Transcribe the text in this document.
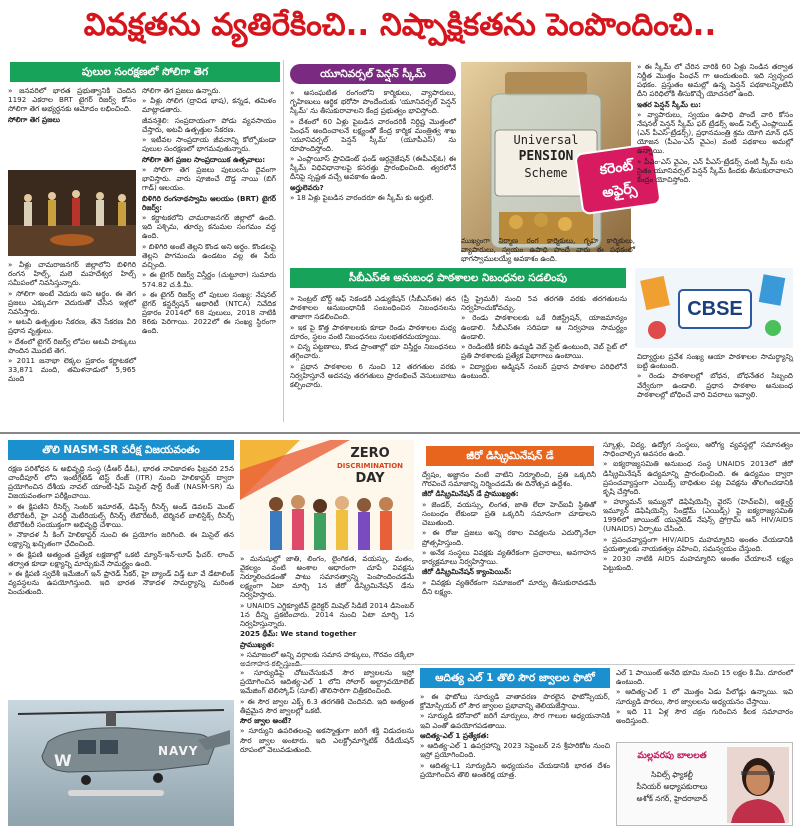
వివక్షతను వ్యతిరేకించి.. నిష్పాక్షికతను పెంపొందించి..
పులుల సంరక్షణలో సోలిగా తెగ

» జనవరిలో భారత ప్రభుత్వానికి చెందిన 1192 ఎకరాల BRT టైగర్ రిజర్వ్ కోసం సోలిగా తెగ అభ్యర్థనకు ఆమోదం లభించింది.

సోలిగా తెగ ప్రజలు

» వీళ్లు చామరాజనగర్ జిల్లాలోని బిళిగిరి రంగన హిల్స్, మలె మహదేశ్వర హిల్స్ సమీపంలో నివసిస్తున్నారు.

» సోలిగా అంటే వెదురు అని అర్థం. ఈ తెగ ప్రజలు ఎక్కువగా వెదురుతో చేసిన ఇళ్లలో నివసిస్తారు.

» అటవీ ఉత్పత్తుల సేకరణ, తేనె సేకరణ వీరి ప్రధాన వృత్తులు.

» దేశంలో టైగర్ రిజర్వ్ లోపల అటవీ హక్కులు పొందిన మొదటి తెగ.

» 2011 జనాభా లెక్కల ప్రకారం కర్ణాటకలో 33,871 మంది, తమిళనాడులో 5,965 మంది

సోలిగా తెగ ప్రజలు ఉన్నారు.

» వీళ్లు సోలిగ (ద్రావిడ భాష), కన్నడ, తమిళం మాట్లాడతారు.

జీవనశైలి: సంప్రదాయంగా పోడు వ్యవసాయం చేస్తారు, అటవీ ఉత్పత్తుల సేకరణ.

» ఇటీవల సాంప్రదాయ జీవనాన్ని కోల్పోకుండా పులుల సంరక్షణలో భాగమవుతున్నారు.

సోలిగా తెగ ప్రజల సాంప్రదాయిక ఉత్సవాలు:

» సోలిగా తెగ ప్రజలు పులులను దైవంగా భావిస్తారు. వారు పూజించే దొడ్డ నాయి (బిగ్ గాడ్) ఆలయం.

బిళిగిరి రంగనాథస్వామి ఆలయం (BRT) టైగర్ రిజర్వ్:

» కర్ణాటకలోని చామరాజనగర్ జిల్లాలో ఉంది. ఇది పశ్చిమ, తూర్పు కనుమల సంగమం వద్ద ఉంది.

» బిళిగిరి అంటే తెల్లని కొండ అని అర్థం. కొండలపై తెల్లని పొగమంచు ఉండటం వల్ల ఈ పేరు వచ్చింది.

» ఈ టైగర్ రిజర్వ్ విస్తీర్ణం (చుట్టూరా) సుమారు 574.82 చ.కి.మీ.

» ఈ టైగర్ రిజర్వ్ లో పులుల సంఖ్య: నేషనల్ టైగర్ కన్జర్వేషన్ అథారిటీ (NTCA) నివేదిక ప్రకారం 2014లో 68 పులులు, 2018 నాటికి 86కు పెరిగాయి. 2022లో ఈ సంఖ్య స్థిరంగా ఉంది.

యూనివర్సల్ పెన్షన్ స్కీమ్

» అసంఘటిత రంగంలోని కార్మికులు, వ్యాపారులు, గృహిణులు ఆర్థిక భరోసా పొందేందుకు 'యూనివర్సల్ పెన్షన్ స్కీమ్' ను తీసుకురావాలని కేంద్ర ప్రభుత్వం భావిస్తోంది.

» దేశంలో 60 ఏళ్లు పైబడిన వారందరికీ నిర్దిష్ట మొత్తంలో పింఛన్ అందించాలనే లక్ష్యంతో కేంద్ర కార్మిక మంత్రిత్వ శాఖ 'యూనివర్సల్ పెన్షన్ స్కీమ్' (యూపీఎస్) ను రూపొందిస్తోంది.

» ఎంప్లాయీస్ ప్రావిడెంట్ ఫండ్ ఆర్గనైజేషన్ (ఈపీఎఫ్ఓ) ఈ స్కీమ్ విధివిధానాలపై కసరత్తు ప్రారంభించింది. త్వరలోనే దీనిపై స్పష్టత వచ్చే అవకాశం ఉంది.

అర్హులెవరు?

» 18 ఏళ్లు పైబడిన వారందరూ ఈ స్కీమ్ కు అర్హులే.

Universal
PENSION
Scheme	కరెంట్
అఫైర్స్

» ఈ స్కీమ్ లో చేరిన వారికి 60 ఏళ్లు నిండిన తర్వాత నిర్ణీత మొత్తం పింఛన్ గా అందుతుంది. ఇది స్వచ్ఛంద పథకం. ప్రస్తుతం అమల్లో ఉన్న పెన్షన్ పథకాలన్నింటినీ దీని పరిధిలోకి తీసుకొచ్చే యోచనలో ఉంది.

ఇతర పెన్షన్ స్కీమ్ లు:

» వ్యాపారులు, స్వయం ఉపాధి పొందే వారి కోసం నేషనల్ పెన్షన్ స్కీమ్ ఫర్ ట్రేడర్స్ అండ్ సెల్ఫ్ ఎంప్లాయిడ్ (ఎన్ పీఎస్-ట్రేడర్స్), ప్రధానమంత్రి శ్రమ యోగి మాన్ ధన్ యోజన (పీఎం-ఎస్ వైఎం) వంటి పథకాలు అమల్లో ఉన్నాయి.

» పీఎం-ఎస్ వైఎం, ఎన్ పీఎస్-ట్రేడర్స్ వంటి స్కీమ్ లను సైతం యూనివర్సల్ పెన్షన్ స్కీమ్ కిందకు తీసుకురావాలని కేంద్రం యోచిస్తోంది.

ముఖ్యంగా నిర్మాణ రంగ కార్మికులు, గృహ కార్మికులు, వ్యాపారులు, స్వయం ఉపాధి పొందే వారు ఈ పథకంలో భాగస్వాములయ్యే అవకాశం ఉంది.

సీబీఎస్ఈ అనుబంధ పాఠశాలల నిబంధనల సడలింపు

» సెంట్రల్ బోర్డ్ ఆఫ్ సెకండరీ ఎడ్యుకేషన్ (సీబీఎస్ఈ) తన పాఠశాలల అనుబంధానికి సంబంధించిన నిబంధనలను తాజాగా సడలించింది.

» ఇక పై కొత్త పాఠశాలలకు కూడా రెండు పాఠశాలల మధ్య దూరం, స్థలం వంటి నిబంధనలు సులభతరమయ్యాయి.

» చిన్న పట్టణాలు, కొండ ప్రాంతాల్లో భూ విస్తీర్ణం నిబంధనలు తగ్గించారు.

» ప్రధాన పాఠశాలల 6 నుంచి 12 తరగతుల వరకు నిర్వహిస్తూనే అదనపు తరగతులు ప్రారంభించే వెసులుబాటు కల్పించారు.

(ప్రీ ప్రైమరీ) నుంచి 5వ తరగతి వరకు తరగతులను నిర్వహించుకోవచ్చు.

» రెండు పాఠశాలలకు ఒకే రిజిస్ట్రేషన్, యాజమాన్యం ఉండాలి. సీబీఎస్ఈ సరిపడా ఆ నిర్వహణ సామర్థ్యం ఉండాలి.

» రెండింటికీ కలిపి ఉమ్మడి వెబ్ సైట్ ఉంటుంది, వెబ్ సైట్ లో ప్రతి పాఠశాలకు ప్రత్యేక విభాగాలు ఉంటాయి.

» విద్యార్థుల అడ్మిషన్ నంబర్ ప్రధాన పాఠశాల పరిధిలోనే ఉంటుంది.

CBSE

విద్యార్థుల ప్రవేశ సంఖ్య ఆయా పాఠశాలల సామర్థ్యాన్ని బట్టి ఉంటుంది.

» రెండు పాఠశాలల్లో బోధన, బోధనేతర సిబ్బంది వేర్వేరుగా ఉండాలి. ప్రధాన పాఠశాల అనుబంధ పాఠశాలల్లో బోధించే వారి వివరాలు ఇవ్వాలి.

తొలి NASM-SR పరీక్ష విజయవంతం

రక్షణ పరిశోధన & అభివృద్ధి సంస్థ (డీఆర్ డీఓ), భారత నావికాదళం ఫిబ్రవరి 25న చాందీపూర్ లోని ఇంటిగ్రేటెడ్ టెస్ట్ రేంజ్ (ITR) నుంచి హెలికాప్టర్ ద్వారా ప్రయోగించిన దేశీయ నావల్ యాంటీ-షిప్ మిసైల్ షార్ట్ రేంజ్ (NASM-SR) ను విజయవంతంగా పరీక్షించాయి.

» ఈ క్షిపణిని రీసెర్చ్ సెంటర్ ఇమారత్, డిఫెన్స్ రీసెర్చ్ అండ్ డెవలప్ మెంట్ లేబొరేటరీ, హై ఎనర్జీ మెటీరియల్స్ రీసెర్చ్ లేబొరేటరీ, టెర్మినల్ బాలిస్టిక్స్ రీసెర్చ్ లేబొరేటరీ సంయుక్తంగా అభివృద్ధి చేశాయి.

» నౌకాదళ సీ కింగ్ హెలికాప్టర్ నుంచి ఈ ప్రయోగం జరిగింది. ఈ మిసైల్ తన లక్ష్యాన్ని ఖచ్చితంగా ఛేదించింది.

» ఈ క్షిపణి అత్యంత ప్రత్యేక లక్షణాల్లో ఒకటి మ్యాన్-ఇన్-లూప్ ఫీచర్. లాంచ్ తర్వాత కూడా లక్ష్యాన్ని మార్చుకునే సామర్థ్యం ఉంది.

» ఈ క్షిపణి స్వదేశీ ఇమేజింగ్ ఇన్ ఫ్రారెడ్ సీకర్, హై బ్యాండ్ విడ్త్ టూ వే డేటాలింక్ వ్యవస్థలను ఉపయోగిస్తుంది. ఇది భారత నౌకాదళ సామర్థ్యాన్ని మరింత పెంచుతుంది.

W	NAVY
ZERO
DISCRIMINATION
DAY

» మనుషుల్లో జాతి, లింగం, లైంగికత, వయస్సు, మతం, వైకల్యం వంటి అంశాల ఆధారంగా చూపే వివక్షను నిర్మూలించడంతో పాటు సమానత్వాన్ని పెంపొందించడమే లక్ష్యంగా ఏటా మార్చి 1న జీరో డిస్క్రిమినేషన్ డేను నిర్వహిస్తారు.

» UNAIDS ఎగ్జిక్యూటివ్ డైరెక్టర్ మిషెల్ సిడిబే 2014 డిసెంబర్ 1న దీన్ని ప్రకటించారు. 2014 నుంచి ఏటా మార్చి 1న నిర్వహిస్తున్నారు.

2025 థీమ్: We stand together

ప్రాముఖ్యత:

» సమాజంలో అన్ని వర్గాలకు సమాన హక్కులు, గౌరవం దక్కేలా

జీరో డిస్క్రిమినేషన్ డే

ద్వేషం, అజ్ఞానం వంటి వాటిని నిర్మూలించి, ప్రతి ఒక్కరినీ గౌరవించే సమాజాన్ని నిర్మించడమే ఈ దినోత్సవ ఉద్దేశం.

జీరో డిస్క్రిమినేషన్ డే ప్రాముఖ్యత:

» జెండర్, వయస్సు, లింగత, జాతి లేదా హెచ్ఐవీ స్థితితో సంబంధం లేకుండా ప్రతి ఒక్కరినీ సమానంగా చూడాలని చెబుతుంది.

» ఈ రోజు ప్రజలు అన్ని రకాల వివక్షలను ఎదుర్కొనేలా ప్రోత్సహిస్తుంది.

» అనేక సంస్థలు వివక్షకు వ్యతిరేకంగా ప్రచారాలు, అవగాహన కార్యక్రమాలు నిర్వహిస్తాయి.

జీరో డిస్క్రిమినేషన్ క్యాంపెయిన్:

» వివక్షకు వ్యతిరేకంగా సమాజంలో మార్పు తీసుకురావడమే దీని లక్ష్యం.

స్కూళ్లు, విద్య, ఉద్యోగ సంస్థలు, ఆరోగ్య వ్యవస్థల్లో సమానత్వం సాధించాల్సిన అవసరం ఉంది.

» ఐక్యరాజ్యసమితి అనుబంధ సంస్థ UNAIDS 2013లో జీరో డిస్క్రిమినేషన్ ఉద్యమాన్ని ప్రారంభించింది. ఈ ఉద్యమం ద్వారా ప్రపంచవ్యాప్తంగా ఎయిడ్స్ బాధితుల పట్ల వివక్షను తొలగించడానికి కృషి చేస్తోంది.

» హ్యూమన్ ఇమ్యునో డెఫిషియెన్సీ వైరస్ (హెచ్ఐవీ), అక్వైర్డ్ ఇమ్యూన్ డెఫిషియెన్సీ సిండ్రోమ్ (ఎయిడ్స్) పై ఐక్యరాజ్యసమితి 1996లో జాయింట్ యునైటెడ్ నేషన్స్ ప్రోగ్రామ్ ఆన్ HIV/AIDS (UNAIDS) ఏర్పాటు చేసింది.

» ప్రపంచవ్యాప్తంగా HIV/AIDS మహమ్మారిని అంతం చేయడానికి ప్రయత్నాలకు నాయకత్వం వహించి, సమన్వయం చేస్తుంది.

» 2030 నాటికి AIDS మహమ్మారిని అంతం చేయాలనే లక్ష్యం పెట్టుకుంది.

» సూర్యుడిపై చోటుచేసుకునే సౌర జ్వాలలను ఇస్రో ప్రయోగించిన ఆదిత్య-ఎల్ 1 లోని సోలార్ అల్ట్రావయోలెట్ ఇమేజింగ్ టెలిస్కోప్ (సూట్) తొలిసారిగా చిత్రీకరించింది.

» ఈ సౌర జ్వాల ఎక్స్ 6.3 తరగతికి చెందినది. ఇది అత్యంత తీవ్రమైన సౌర జ్వాలల్లో ఒకటి.

సౌర జ్వాల అంటే?

» సూర్యుని ఉపరితలంపై అకస్మాత్తుగా జరిగే శక్తి విడుదలను సౌర జ్వాల అంటారు. ఇది ఎలక్ట్రోమాగ్నెటిక్ రేడియేషన్ రూపంలో వెలువడుతుంది.

ఆదిత్య ఎల్ 1 తొలి సౌర జ్వాలల ఫొటో

» ఈ ఫొటోలు సూర్యుడి వాతావరణ పొరలైన ఫొటోస్పియర్, క్రోమోస్పియర్ లో సౌర జ్వాలల ప్రభావాన్ని తెలియజేస్తాయి.

» సూర్యుడి కరోనాలో జరిగే మార్పులు, సౌర గాలుల అధ్యయనానికి ఇవి ఎంతో ఉపయోగపడతాయి.

ఆదిత్య-ఎల్ 1 ప్రత్యేకత:

» ఆదిత్య-ఎల్ 1 ఉపగ్రహాన్ని 2023 సెప్టెంబర్ 2న శ్రీహరికోట నుంచి ఇస్రో ప్రయోగించింది.

» ఆదిత్య-L1 సూర్యుడిని అధ్యయనం చేయడానికి భారత దేశం ప్రయోగించిన తొలి అంతరిక్ష యాత్ర.

ఎల్ 1 పాయింట్ అనేది భూమి నుంచి 15 లక్షల కి.మీ. దూరంలో ఉంటుంది.

» ఆదిత్య-ఎల్ 1 లో మొత్తం ఏడు పేలోడ్లు ఉన్నాయి. ఇవి సూర్యుడి పొరలు, సౌర జ్వాలలను అధ్యయనం చేస్తాయి.

» ఇది 11 ఏళ్ల సౌర చక్రం గురించిన కీలక సమాచారం అందిస్తుంది.

మల్లవరపు బాలలత
సివిల్స్ ఫ్యాకల్టీ
సీనియర్ అధ్యాపకురాలు
అశోక్ నగర్, హైదరాబాద్
